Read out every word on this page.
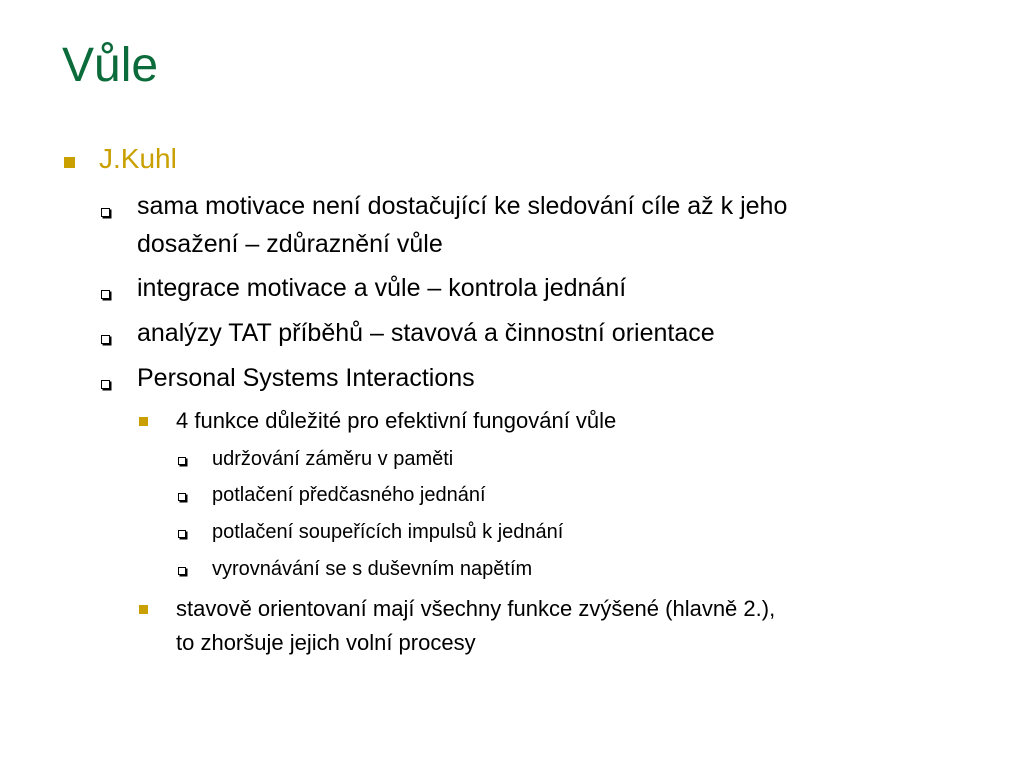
Vůle
J.Kuhl
sama motivace není dostačující ke sledování cíle až k jeho
dosažení – zdůraznění vůle
integrace motivace a vůle – kontrola jednání
analýzy TAT příběhů – stavová a činnostní orientace
Personal Systems Interactions
4 funkce důležité pro efektivní fungování vůle
udržování záměru v paměti
potlačení předčasného jednání
potlačení soupeřících impulsů k jednání
vyrovnávání se s duševním napětím
stavově orientovaní mají všechny funkce zvýšené (hlavně 2.),
to zhoršuje jejich volní procesy
